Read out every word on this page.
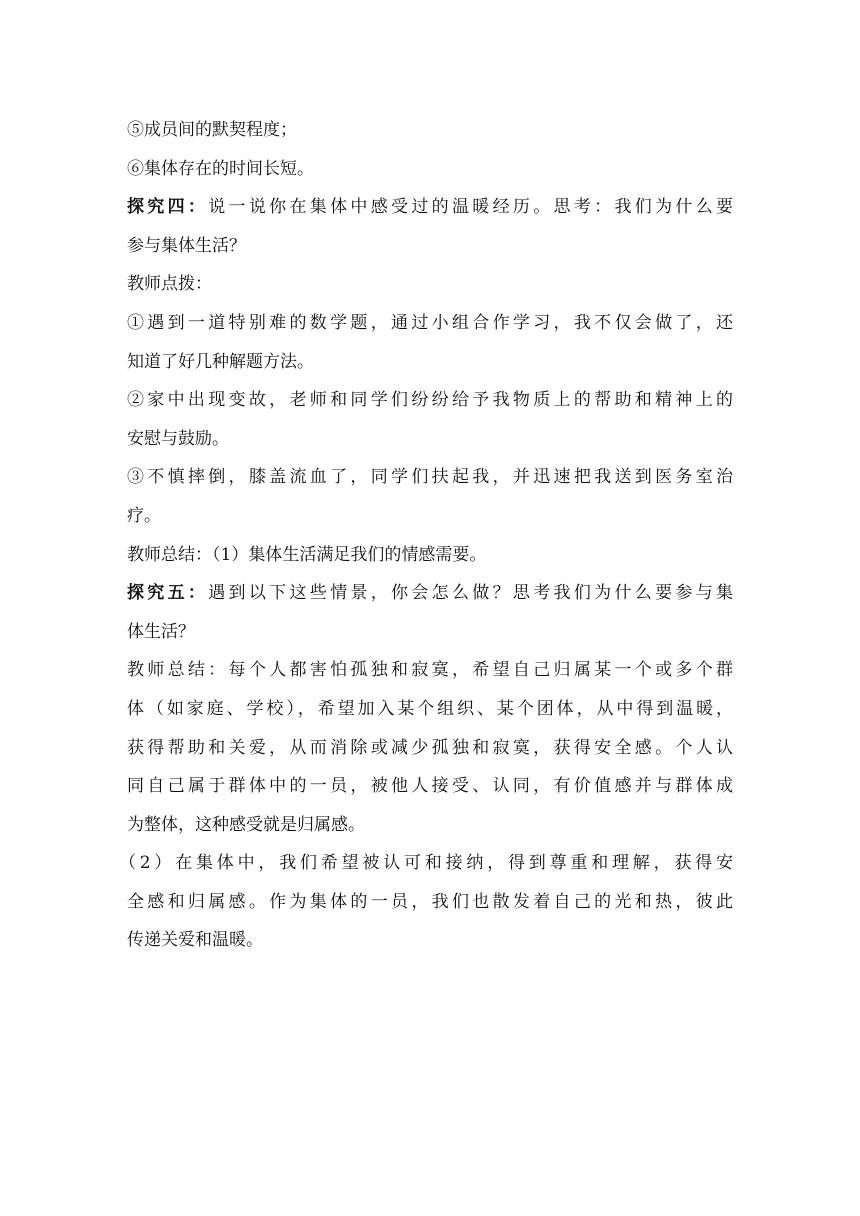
⑤成员间的默契程度；
⑥集体存在的时间长短。
探究四：说一说你在集体中感受过的温暖经历。思考：我们为什么要
参与集体生活？
教师点拨：
①遇到一道特别难的数学题，通过小组合作学习，我不仅会做了，还
知道了好几种解题方法。
②家中出现变故，老师和同学们纷纷给予我物质上的帮助和精神上的
安慰与鼓励。
③不慎摔倒，膝盖流血了，同学们扶起我，并迅速把我送到医务室治
疗。
教师总结：（1）集体生活满足我们的情感需要。
探究五：遇到以下这些情景，你会怎么做？思考我们为什么要参与集
体生活？
教师总结：每个人都害怕孤独和寂寞，希望自己归属某一个或多个群
体（如家庭、学校），希望加入某个组织、某个团体，从中得到温暖，
获得帮助和关爱，从而消除或减少孤独和寂寞，获得安全感。个人认
同自己属于群体中的一员，被他人接受、认同，有价值感并与群体成
为整体，这种感受就是归属感。
（2）在集体中，我们希望被认可和接纳，得到尊重和理解，获得安
全感和归属感。作为集体的一员，我们也散发着自己的光和热，彼此
传递关爱和温暖。
